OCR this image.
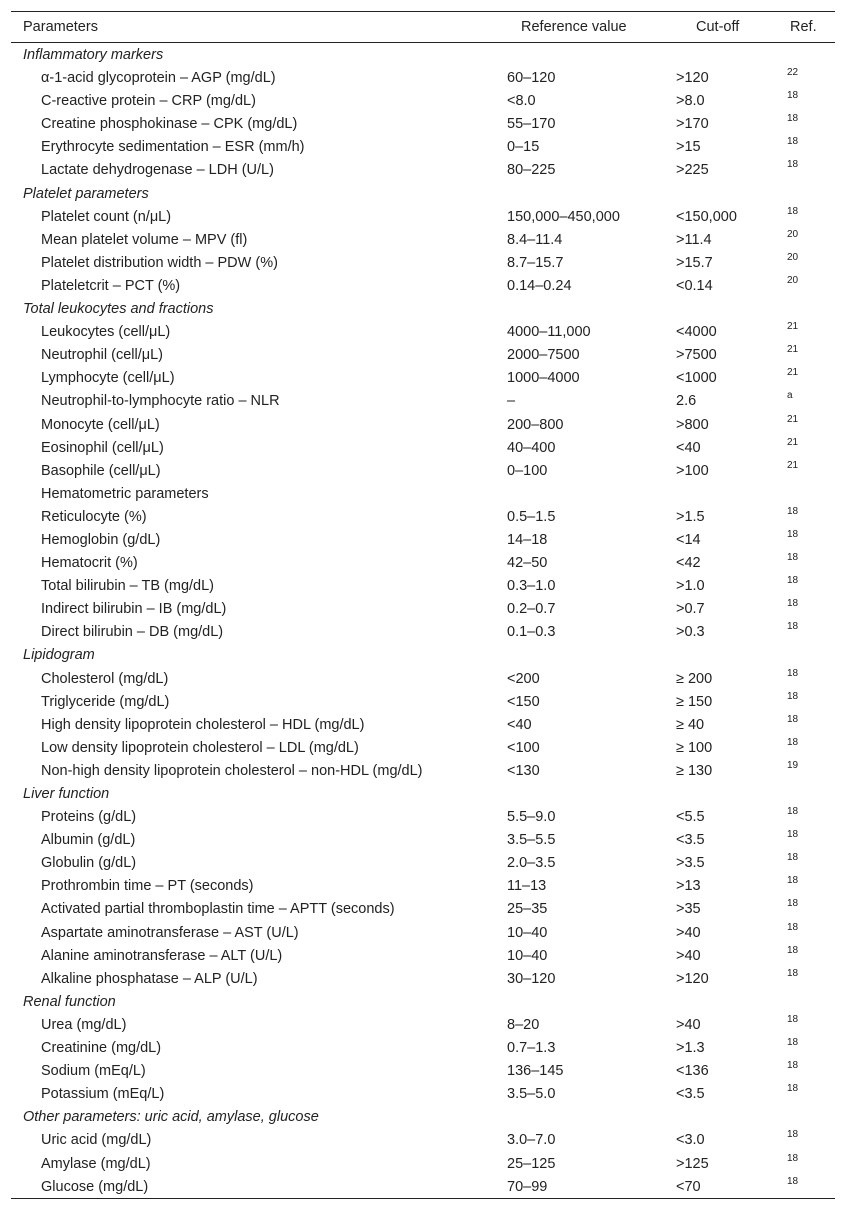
Parameters	Reference value	Cut-off	Ref.
Inflammatory markers
α-1-acid glycoprotein – AGP (mg/dL)	60–120	>120	22
C-reactive protein – CRP (mg/dL)	<8.0	>8.0	18
Creatine phosphokinase – CPK (mg/dL)	55–170	>170	18
Erythrocyte sedimentation – ESR (mm/h)	0–15	>15	18
Lactate dehydrogenase – LDH (U/L)	80–225	>225	18
Platelet parameters
Platelet count (n/μL)	150,000–450,000	<150,000	18
Mean platelet volume – MPV (fl)	8.4–11.4	>11.4	20
Platelet distribution width – PDW (%)	8.7–15.7	>15.7	20
Plateletcrit – PCT (%)	0.14–0.24	<0.14	20
Total leukocytes and fractions
Leukocytes (cell/μL)	4000–11,000	<4000	21
Neutrophil (cell/μL)	2000–7500	>7500	21
Lymphocyte (cell/μL)	1000–4000	<1000	21
Neutrophil-to-lymphocyte ratio – NLR	–	2.6	a
Monocyte (cell/μL)	200–800	>800	21
Eosinophil (cell/μL)	40–400	<40	21
Basophile (cell/μL)	0–100	>100	21
Hematometric parameters
Reticulocyte (%)	0.5–1.5	>1.5	18
Hemoglobin (g/dL)	14–18	<14	18
Hematocrit (%)	42–50	<42	18
Total bilirubin – TB (mg/dL)	0.3–1.0	>1.0	18
Indirect bilirubin – IB (mg/dL)	0.2–0.7	>0.7	18
Direct bilirubin – DB (mg/dL)	0.1–0.3	>0.3	18
Lipidogram
Cholesterol (mg/dL)	<200	≥ 200	18
Triglyceride (mg/dL)	<150	≥ 150	18
High density lipoprotein cholesterol – HDL (mg/dL)	<40	≥ 40	18
Low density lipoprotein cholesterol – LDL (mg/dL)	<100	≥ 100	18
Non-high density lipoprotein cholesterol – non-HDL (mg/dL)	<130	≥ 130	19
Liver function
Proteins (g/dL)	5.5–9.0	<5.5	18
Albumin (g/dL)	3.5–5.5	<3.5	18
Globulin (g/dL)	2.0–3.5	>3.5	18
Prothrombin time – PT (seconds)	11–13	>13	18
Activated partial thromboplastin time – APTT (seconds)	25–35	>35	18
Aspartate aminotransferase – AST (U/L)	10–40	>40	18
Alanine aminotransferase – ALT (U/L)	10–40	>40	18
Alkaline phosphatase – ALP (U/L)	30–120	>120	18
Renal function
Urea (mg/dL)	8–20	>40	18
Creatinine (mg/dL)	0.7–1.3	>1.3	18
Sodium (mEq/L)	136–145	<136	18
Potassium (mEq/L)	3.5–5.0	<3.5	18
Other parameters: uric acid, amylase, glucose
Uric acid (mg/dL)	3.0–7.0	<3.0	18
Amylase (mg/dL)	25–125	>125	18
Glucose (mg/dL)	70–99	<70	18
